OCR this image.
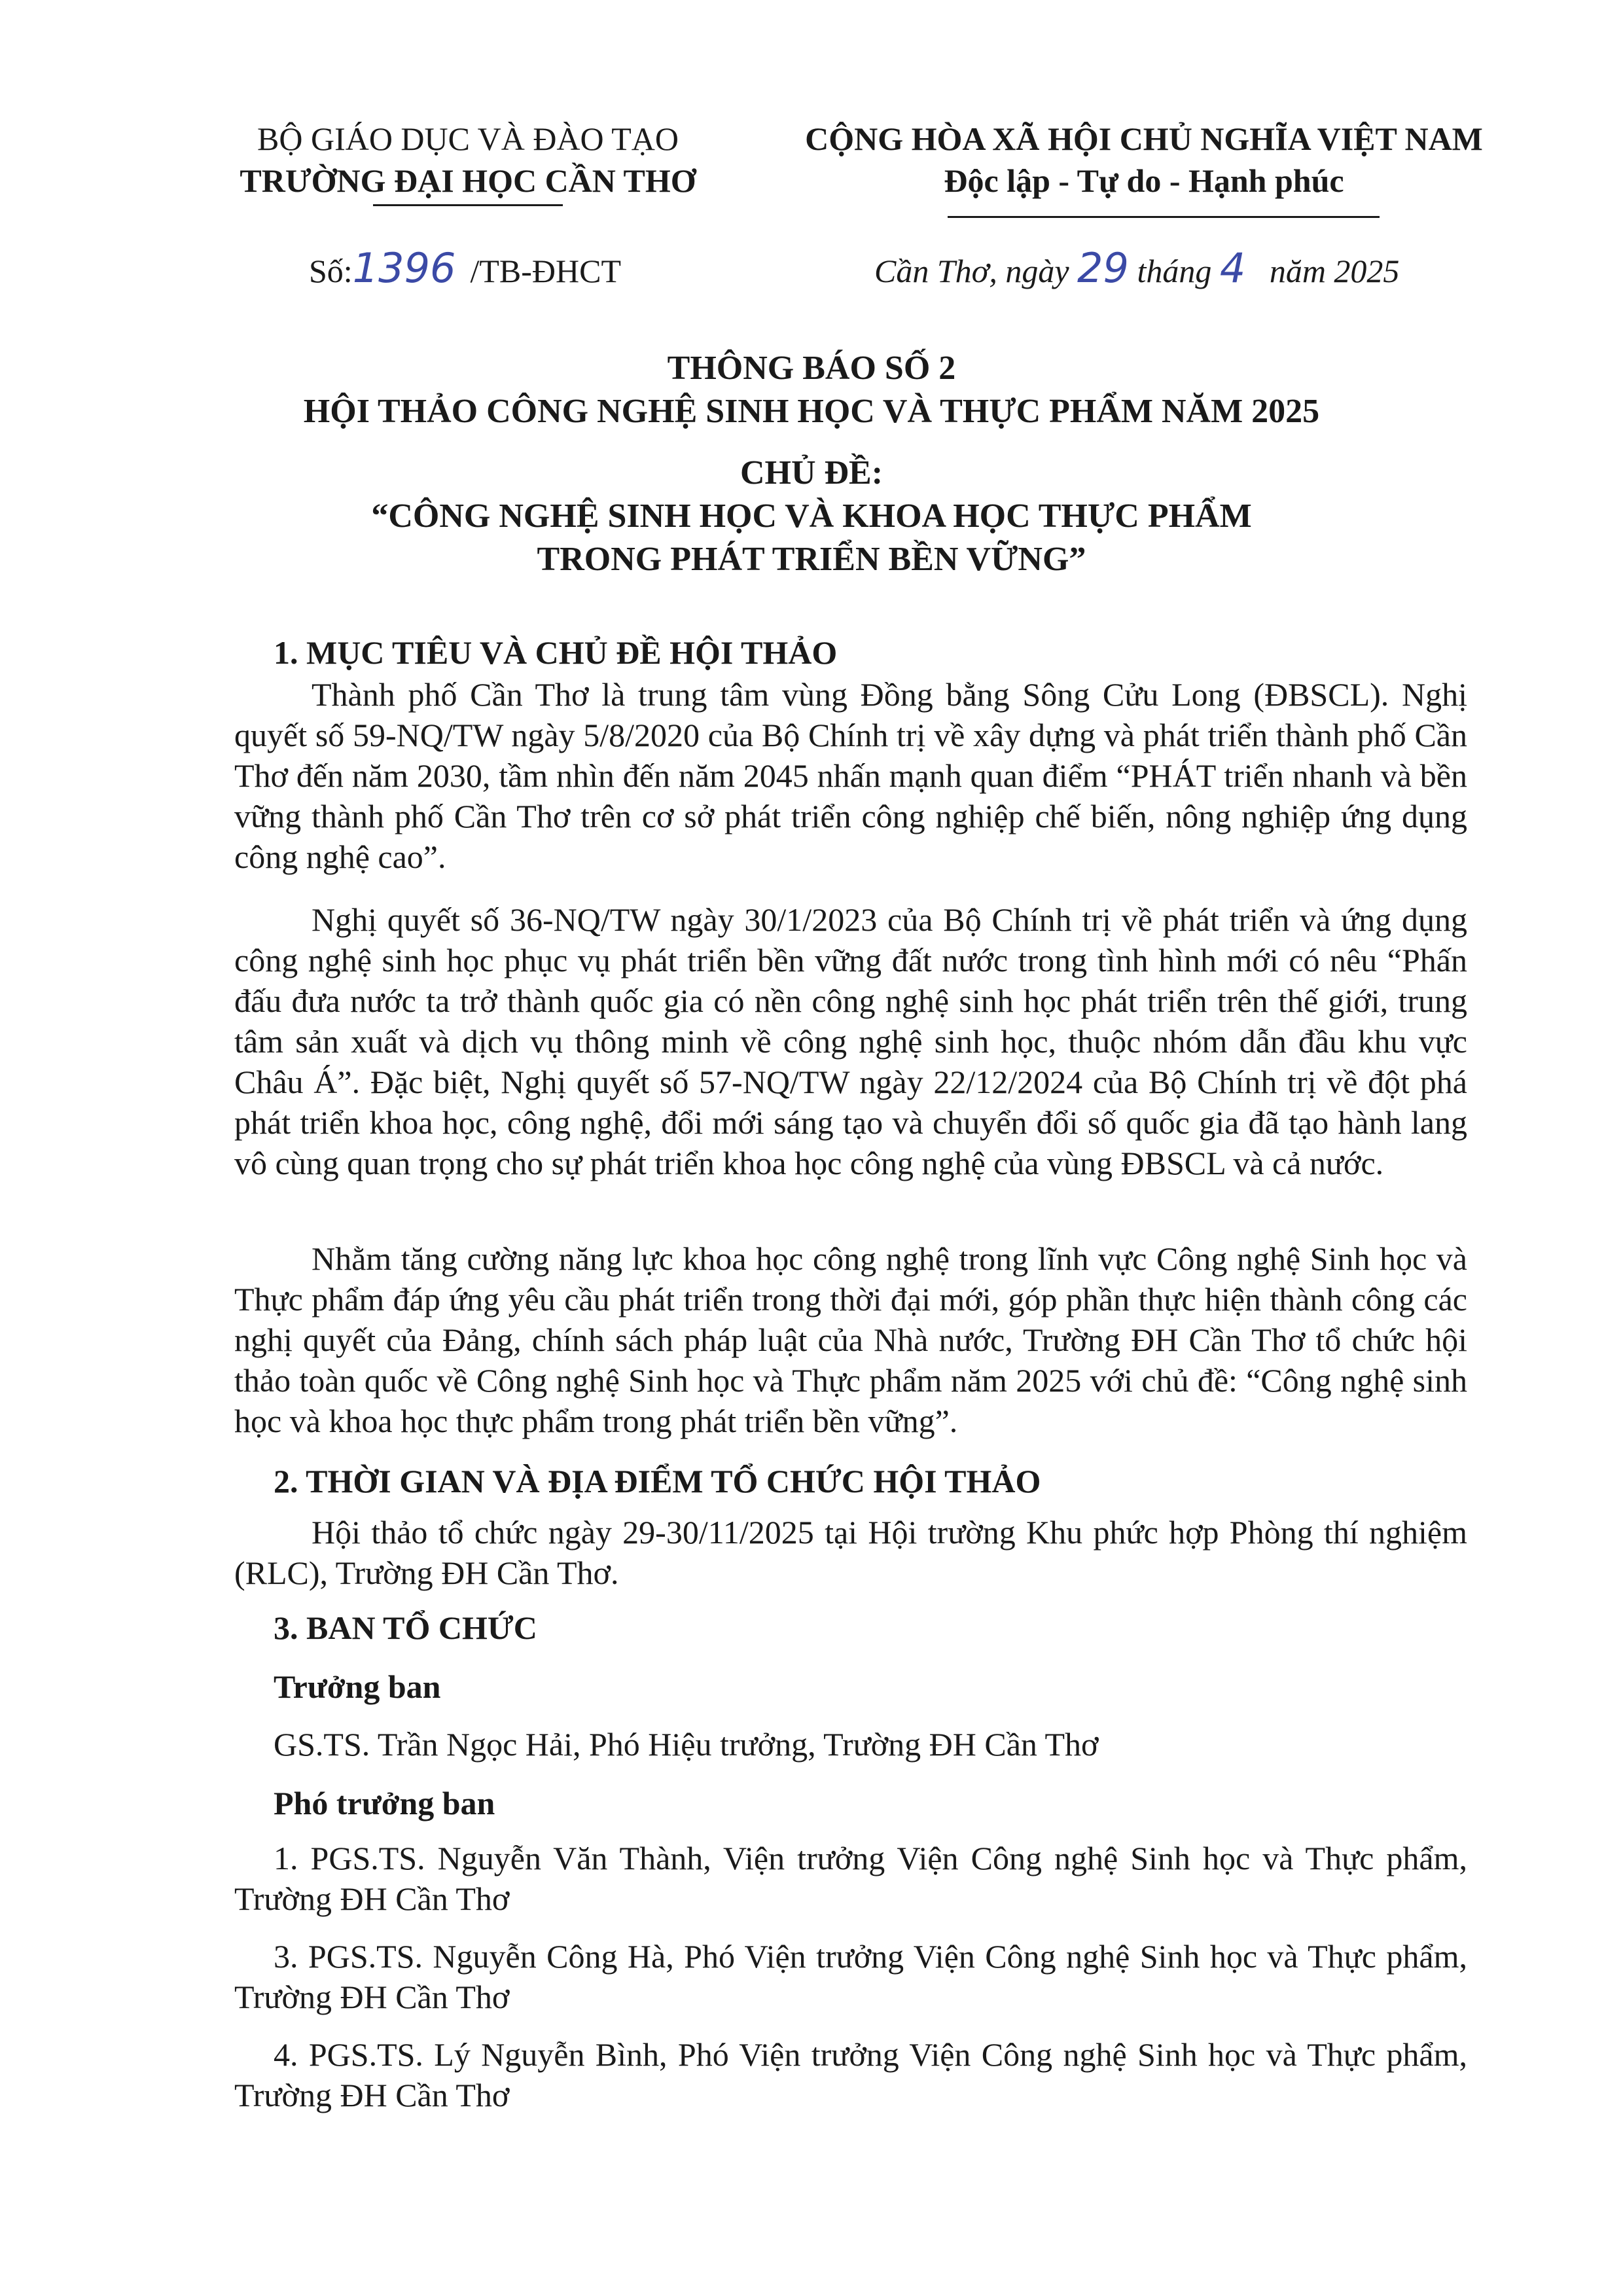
BỘ GIÁO DỤC VÀ ĐÀO TẠO
TRƯỜNG ĐẠI HỌC CẦN THƠ
CỘNG HÒA XÃ HỘI CHỦ NGHĨA VIỆT NAM
Độc lập - Tự do - Hạnh phúc
Số:1396 /TB-ĐHCT	Cần Thơ, ngày 29 tháng 4 năm 2025
THÔNG BÁO SỐ 2
HỘI THẢO CÔNG NGHỆ SINH HỌC VÀ THỰC PHẨM NĂM 2025
CHỦ ĐỀ:
“CÔNG NGHỆ SINH HỌC VÀ KHOA HỌC THỰC PHẨM
TRONG PHÁT TRIỂN BỀN VỮNG”
1. MỤC TIÊU VÀ CHỦ ĐỀ HỘI THẢO
Thành phố Cần Thơ là trung tâm vùng Đồng bằng Sông Cửu Long (ĐBSCL). Nghị quyết số 59-NQ/TW ngày 5/8/2020 của Bộ Chính trị về xây dựng và phát triển thành phố Cần Thơ đến năm 2030, tầm nhìn đến năm 2045 nhấn mạnh quan điểm “PHÁT triển nhanh và bền vững thành phố Cần Thơ trên cơ sở phát triển công nghiệp chế biến, nông nghiệp ứng dụng công nghệ cao”.
Nghị quyết số 36-NQ/TW ngày 30/1/2023 của Bộ Chính trị về phát triển và ứng dụng công nghệ sinh học phục vụ phát triển bền vững đất nước trong tình hình mới có nêu “Phấn đấu đưa nước ta trở thành quốc gia có nền công nghệ sinh học phát triển trên thế giới, trung tâm sản xuất và dịch vụ thông minh về công nghệ sinh học, thuộc nhóm dẫn đầu khu vực Châu Á”. Đặc biệt, Nghị quyết số 57-NQ/TW ngày 22/12/2024 của Bộ Chính trị về đột phá phát triển khoa học, công nghệ, đổi mới sáng tạo và chuyển đổi số quốc gia đã tạo hành lang vô cùng quan trọng cho sự phát triển khoa học công nghệ của vùng ĐBSCL và cả nước.
Nhằm tăng cường năng lực khoa học công nghệ trong lĩnh vực Công nghệ Sinh học và Thực phẩm đáp ứng yêu cầu phát triển trong thời đại mới, góp phần thực hiện thành công các nghị quyết của Đảng, chính sách pháp luật của Nhà nước, Trường ĐH Cần Thơ tổ chức hội thảo toàn quốc về Công nghệ Sinh học và Thực phẩm năm 2025 với chủ đề: “Công nghệ sinh học và khoa học thực phẩm trong phát triển bền vững”.
2. THỜI GIAN VÀ ĐỊA ĐIỂM TỔ CHỨC HỘI THẢO
Hội thảo tổ chức ngày 29-30/11/2025 tại Hội trường Khu phức hợp Phòng thí nghiệm (RLC), Trường ĐH Cần Thơ.
3. BAN TỔ CHỨC
Trưởng ban
GS.TS. Trần Ngọc Hải, Phó Hiệu trưởng, Trường ĐH Cần Thơ
Phó trưởng ban
1. PGS.TS. Nguyễn Văn Thành, Viện trưởng Viện Công nghệ Sinh học và Thực phẩm, Trường ĐH Cần Thơ
3. PGS.TS. Nguyễn Công Hà, Phó Viện trưởng Viện Công nghệ Sinh học và Thực phẩm, Trường ĐH Cần Thơ
4. PGS.TS. Lý Nguyễn Bình, Phó Viện trưởng Viện Công nghệ Sinh học và Thực phẩm, Trường ĐH Cần Thơ
